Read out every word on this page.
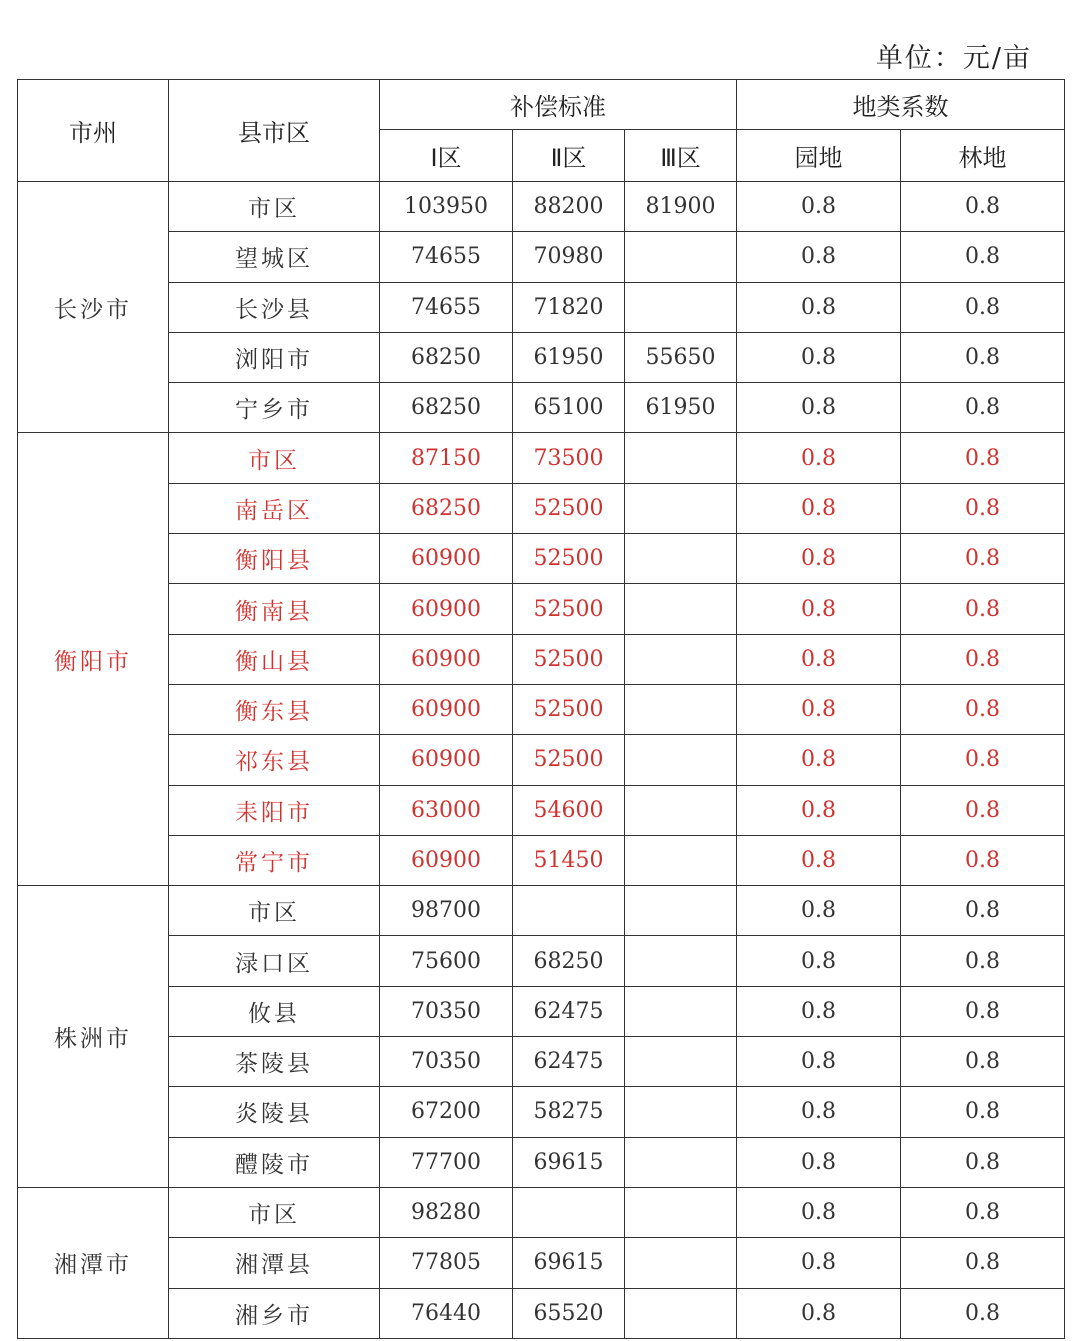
单位：元/亩
市州	县市区	补偿标准			地类系数	
		Ⅰ区	Ⅱ区	Ⅲ区	园地	林地
长沙市	市区	103950	88200	81900	0.8	0.8
	望城区	74655	70980		0.8	0.8
	长沙县	74655	71820		0.8	0.8
	浏阳市	68250	61950	55650	0.8	0.8
	宁乡市	68250	65100	61950	0.8	0.8
衡阳市	市区	87150	73500		0.8	0.8
	南岳区	68250	52500		0.8	0.8
	衡阳县	60900	52500		0.8	0.8
	衡南县	60900	52500		0.8	0.8
	衡山县	60900	52500		0.8	0.8
	衡东县	60900	52500		0.8	0.8
	祁东县	60900	52500		0.8	0.8
	耒阳市	63000	54600		0.8	0.8
	常宁市	60900	51450		0.8	0.8
株洲市	市区	98700			0.8	0.8
	渌口区	75600	68250		0.8	0.8
	攸县	70350	62475		0.8	0.8
	茶陵县	70350	62475		0.8	0.8
	炎陵县	67200	58275		0.8	0.8
	醴陵市	77700	69615		0.8	0.8
湘潭市	市区	98280			0.8	0.8
	湘潭县	77805	69615		0.8	0.8
	湘乡市	76440	65520		0.8	0.8
